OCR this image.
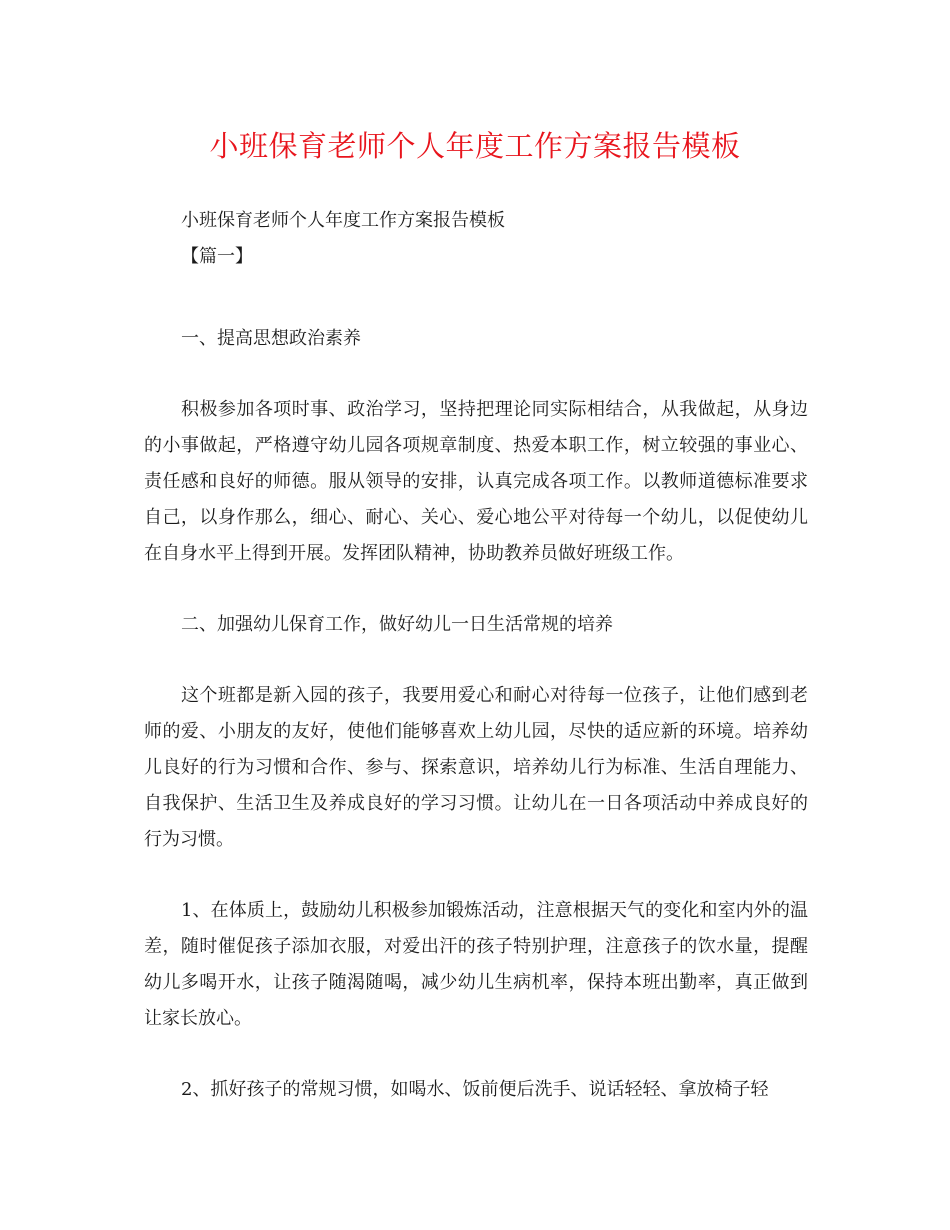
小班保育老师个人年度工作方案报告模板

小班保育老师个人年度工作方案报告模板

【篇一】

一、提高思想政治素养

积极参加各项时事、政治学习，坚持把理论同实际相结合，从我做起，从身边的小事做起，严格遵守幼儿园各项规章制度、热爱本职工作，树立较强的事业心、责任感和良好的师德。服从领导的安排，认真完成各项工作。以教师道德标准要求自己，以身作那么，细心、耐心、关心、爱心地公平对待每一个幼儿，以促使幼儿在自身水平上得到开展。发挥团队精神，协助教养员做好班级工作。

二、加强幼儿保育工作，做好幼儿一日生活常规的培养

这个班都是新入园的孩子，我要用爱心和耐心对待每一位孩子，让他们感到老师的爱、小朋友的友好，使他们能够喜欢上幼儿园，尽快的适应新的环境。培养幼儿良好的行为习惯和合作、参与、探索意识，培养幼儿行为标准、生活自理能力、自我保护、生活卫生及养成良好的学习习惯。让幼儿在一日各项活动中养成良好的行为习惯。

1、在体质上，鼓励幼儿积极参加锻炼活动，注意根据天气的变化和室内外的温差，随时催促孩子添加衣服，对爱出汗的孩子特别护理，注意孩子的饮水量，提醒幼儿多喝开水，让孩子随渴随喝，减少幼儿生病机率，保持本班出勤率，真正做到让家长放心。

2、抓好孩子的常规习惯，如喝水、饭前便后洗手、说话轻轻、拿放椅子轻
